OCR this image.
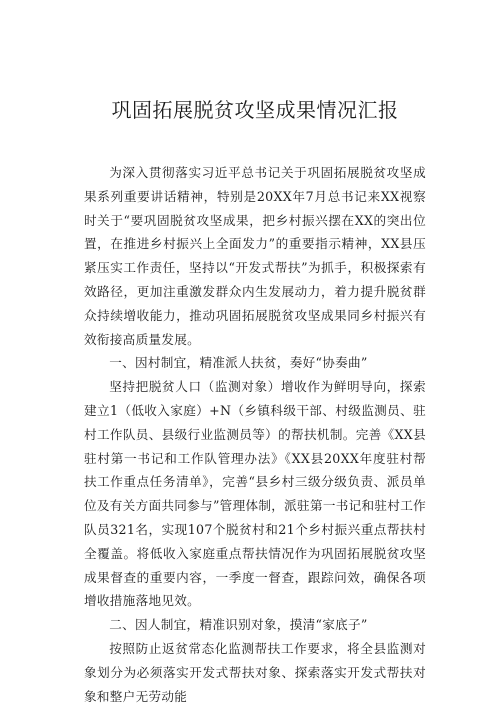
巩固拓展脱贫攻坚成果情况汇报

为深入贯彻落实习近平总书记关于巩固拓展脱贫攻坚成果系列重要讲话精神，特别是20XX年7月总书记来XX视察时关于“要巩固脱贫攻坚成果，把乡村振兴摆在XX的突出位置，在推进乡村振兴上全面发力”的重要指示精神，XX县压紧压实工作责任，坚持以“开发式帮扶”为抓手，积极探索有效路径，更加注重激发群众内生发展动力，着力提升脱贫群众持续增收能力，推动巩固拓展脱贫攻坚成果同乡村振兴有效衔接高质量发展。

一、因村制宜，精准派人扶贫，奏好“协奏曲”

坚持把脱贫人口（监测对象）增收作为鲜明导向，探索建立1（低收入家庭）+N（乡镇科级干部、村级监测员、驻村工作队员、县级行业监测员等）的帮扶机制。完善《XX县驻村第一书记和工作队管理办法》《XX县20XX年度驻村帮扶工作重点任务清单》，完善“县乡村三级分级负责、派员单位及有关方面共同参与”管理体制，派驻第一书记和驻村工作队员321名，实现107个脱贫村和21个乡村振兴重点帮扶村全覆盖。将低收入家庭重点帮扶情况作为巩固拓展脱贫攻坚成果督查的重要内容，一季度一督查，跟踪问效，确保各项增收措施落地见效。

二、因人制宜，精准识别对象，摸清“家底子”

按照防止返贫常态化监测帮扶工作要求，将全县监测对象划分为必须落实开发式帮扶对象、探索落实开发式帮扶对象和整户无劳动能
